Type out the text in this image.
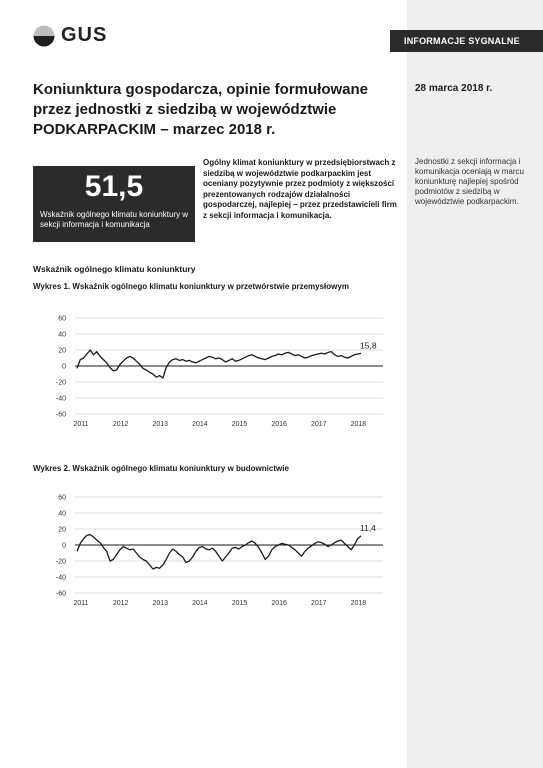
INFORMACJE SYGNALNE
28 marca 2018 r.
Jednostki z sekcji informacja i komunikacja oceniają w marcu koniunkturę najlepiej spośród podmiotów z siedzibą w województwie podkarpackim.
GUS
Koniunktura gospodarcza, opinie formułowane
przez jednostki z siedzibą w województwie
PODKARPACKIM – marzec 2018 r.
51,5
Wskaźnik ogólnego klimatu koniunktury w sekcji informacja i komunikacja
Ogólny klimat koniunktury w przedsiębiorstwach z siedzibą w województwie podkarpackim jest oceniany pozytywnie przez podmioty z większości prezentowanych rodzajów działalności gospodarczej, najlepiej – przez przedstawicieli firm z sekcji informacja i komunikacja.
Wskaźnik ogólnego klimatu koniunktury
Wykres 1. Wskaźnik ogólnego klimatu koniunktury w przetwórstwie przemysłowym
60
40
20
0
-20
-40
-60
2011	2012	2013	2014	2015	2016	2017	2018
15,8
Wykres 2. Wskaźnik ogólnego klimatu koniunktury w budownictwie
60
40
20
0
-20
-40
-60
2011	2012	2013	2014	2015	2016	2017	2018
11,4
